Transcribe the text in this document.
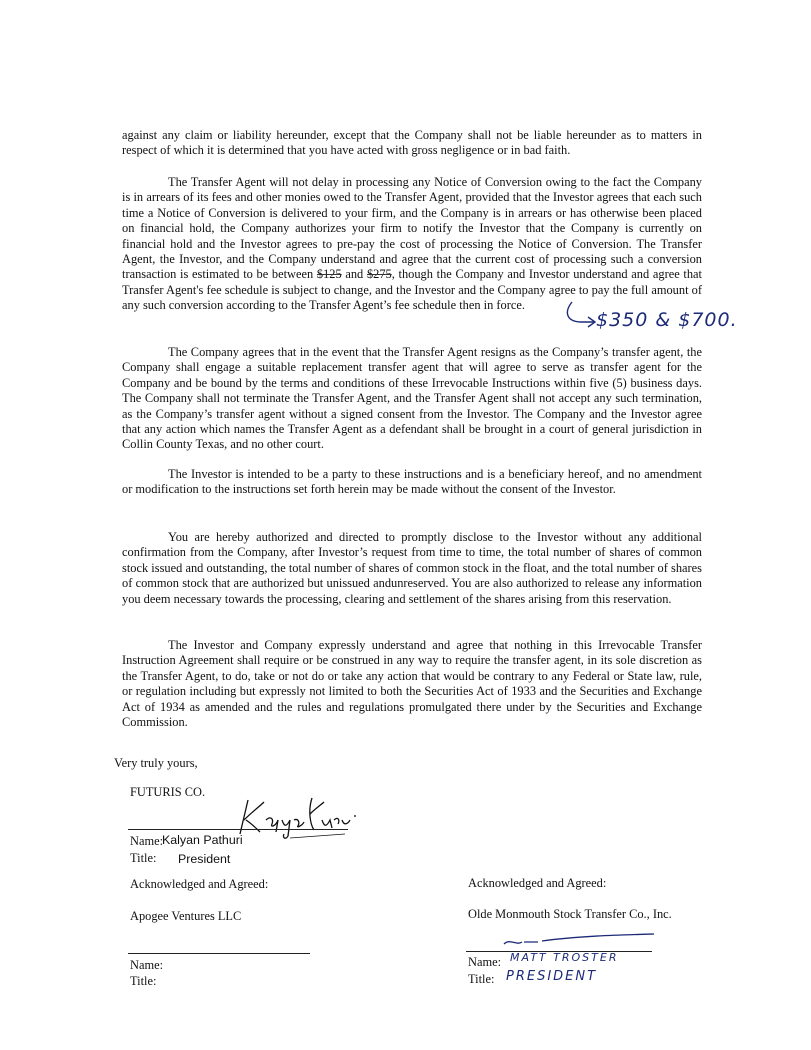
against any claim or liability hereunder, except that the Company shall not be liable hereunder as to matters in respect of which it is determined that you have acted with gross negligence or in bad faith.

The Transfer Agent will not delay in processing any Notice of Conversion owing to the fact the Company is in arrears of its fees and other monies owed to the Transfer Agent, provided that the Investor agrees that each such time a Notice of Conversion is delivered to your firm, and the Company is in arrears or has otherwise been placed on financial hold, the Company authorizes your firm to notify the Investor that the Company is currently on financial hold and the Investor agrees to pre-pay the cost of processing the Notice of Conversion. The Transfer Agent, the Investor, and the Company understand and agree that the current cost of processing such a conversion transaction is estimated to be between $125 and $275, though the Company and Investor understand and agree that Transfer Agent's fee schedule is subject to change, and the Investor and the Company agree to pay the full amount of any such conversion according to the Transfer Agent’s fee schedule then in force.

$350 & $700.

The Company agrees that in the event that the Transfer Agent resigns as the Company’s transfer agent, the Company shall engage a suitable replacement transfer agent that will agree to serve as transfer agent for the Company and be bound by the terms and conditions of these Irrevocable Instructions within five (5) business days. The Company shall not terminate the Transfer Agent, and the Transfer Agent shall not accept any such termination, as the Company’s transfer agent without a signed consent from the Investor. The Company and the Investor agree that any action which names the Transfer Agent as a defendant shall be brought in a court of general jurisdiction in Collin County Texas, and no other court.

The Investor is intended to be a party to these instructions and is a beneficiary hereof, and no amendment or modification to the instructions set forth herein may be made without the consent of the Investor.

You are hereby authorized and directed to promptly disclose to the Investor without any additional confirmation from the Company, after Investor’s request from time to time, the total number of shares of common stock issued and outstanding, the total number of shares of common stock in the float, and the total number of shares of common stock that are authorized but unissued andunreserved. You are also authorized to release any information you deem necessary towards the processing, clearing and settlement of the shares arising from this reservation.

The Investor and Company expressly understand and agree that nothing in this Irrevocable Transfer Instruction Agreement shall require or be construed in any way to require the transfer agent, in its sole discretion as the Transfer Agent, to do, take or not do or take any action that would be contrary to any Federal or State law, rule, or regulation including but expressly not limited to both the Securities Act of 1933 and the Securities and Exchange Act of 1934 as amended and the rules and regulations promulgated there under by the Securities and Exchange Commission.

Very truly yours,
FUTURIS CO.
Name:
Kalyan Pathuri
Title: President
Acknowledged and Agreed:
Apogee Ventures LLC
Name:
Title:
Acknowledged and Agreed:
Olde Monmouth Stock Transfer Co., Inc.
Name: MATT TROSTER
Title: PRESIDENT
